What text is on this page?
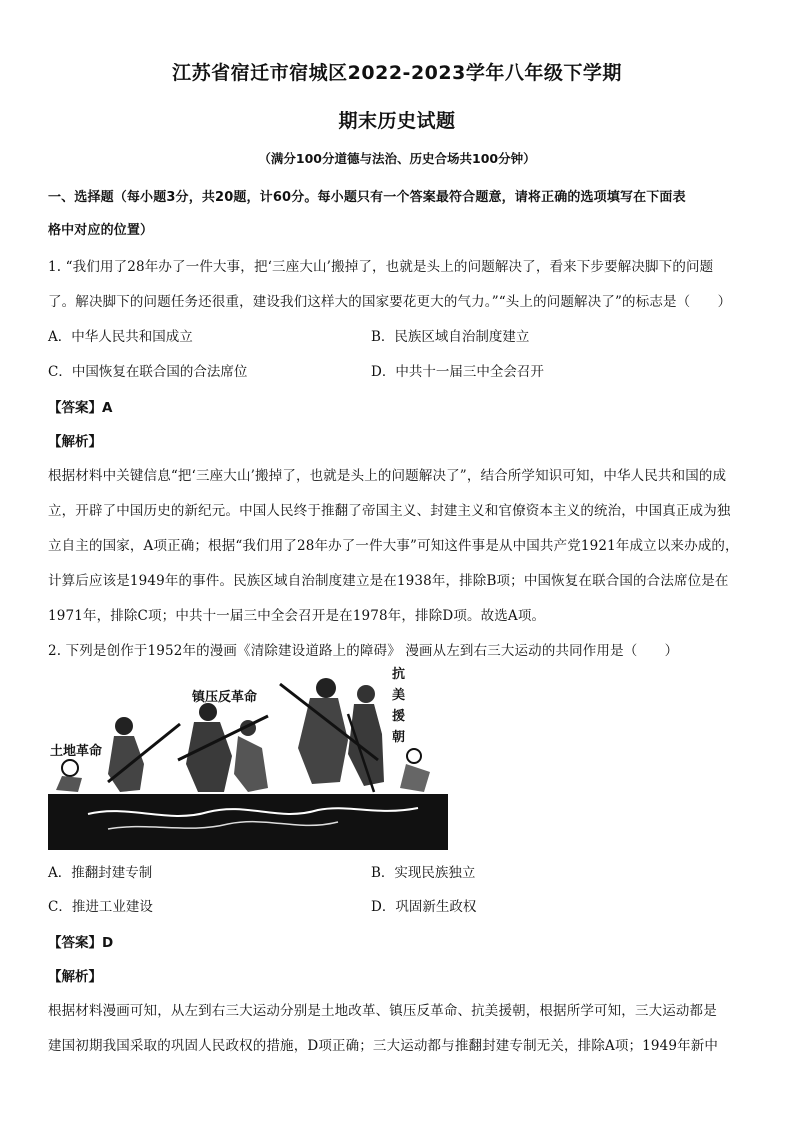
江苏省宿迁市宿城区2022-2023学年八年级下学期
期末历史试题
（满分100分道德与法治、历史合场共100分钟）
一、选择题（每小题3分，共20题，计60分。每小题只有一个答案最符合题意，请将正确的选项填写在下面表
格中对应的位置）
1. “我们用了28年办了一件大事，把‘三座大山’搬掉了，也就是头上的问题解决了，看来下步要解决脚下的问题
了。解决脚下的问题任务还很重，建设我们这样大的国家要花更大的气力。”“头上的问题解决了”的标志是（　　）
A．中华人民共和国成立	B．民族区域自治制度建立
C．中国恢复在联合国的合法席位	D．中共十一届三中全会召开
【答案】A
【解析】
根据材料中关键信息“把‘三座大山’搬掉了，也就是头上的问题解决了”，结合所学知识可知，中华人民共和国的成
立，开辟了中国历史的新纪元。中国人民终于推翻了帝国主义、封建主义和官僚资本主义的统治，中国真正成为独
立自主的国家，A项正确；根据“我们用了28年办了一件大事”可知这件事是从中国共产党1921年成立以来办成的，
计算后应该是1949年的事件。民族区域自治制度建立是在1938年，排除B项；中国恢复在联合国的合法席位是在
1971年，排除C项；中共十一届三中全会召开是在1978年，排除D项。故选A项。
2. 下列是创作于1952年的漫画《清除建设道路上的障碍》 漫画从左到右三大运动的共同作用是（　　）
土地革命
镇压反革命
抗
美
援
朝
A．推翻封建专制	B．实现民族独立
C．推进工业建设	D．巩固新生政权
【答案】D
【解析】
根据材料漫画可知，从左到右三大运动分别是土地改革、镇压反革命、抗美援朝，根据所学可知，三大运动都是
建国初期我国采取的巩固人民政权的措施，D项正确；三大运动都与推翻封建专制无关，排除A项；1949年新中
